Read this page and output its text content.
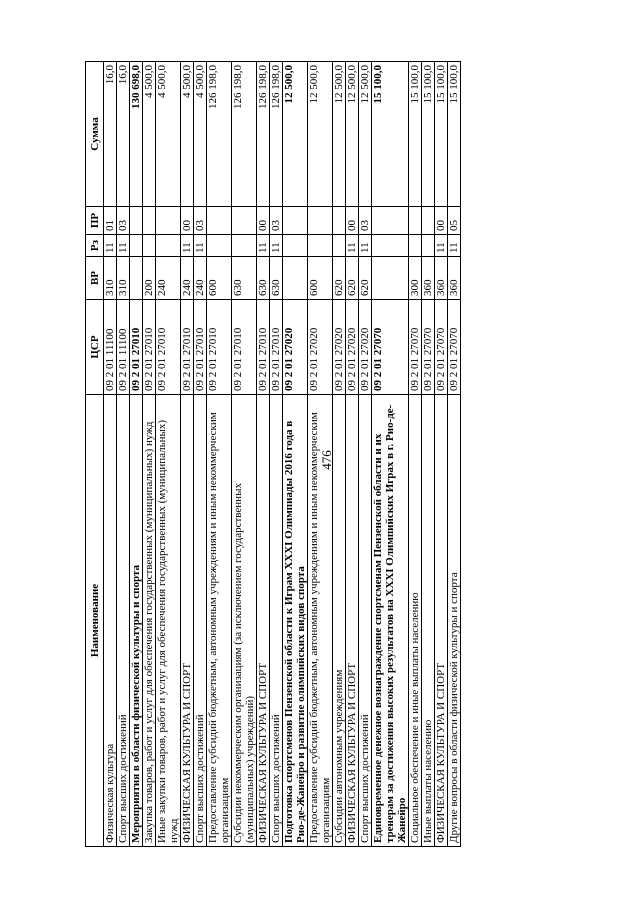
476
Наименование	ЦСР	ВР	Рз	ПР	Сумма
Физическая культура	09 2 01 11100	310	11	01	16,0
Спорт высших достижений	09 2 01 11100	310	11	03	16,0
Мероприятия в области физической культуры и спорта	09 2 01 27010				130 698,0
Закупка товаров, работ и услуг для обеспечения государственных (муниципальных) нужд	09 2 01 27010	200			4 500,0
Иные закупки товаров, работ и услуг для обеспечения государственных (муниципальных) нужд	09 2 01 27010	240			4 500,0
ФИЗИЧЕСКАЯ КУЛЬТУРА И СПОРТ	09 2 01 27010	240	11	00	4 500,0
Спорт высших достижений	09 2 01 27010	240	11	03	4 500,0
Предоставление субсидий бюджетным, автономным учреждениям и иным некоммерческим организациям	09 2 01 27010	600			126 198,0
Субсидии некоммерческим организациям (за исключением государственных (муниципальных) учреждений)	09 2 01 27010	630			126 198,0
ФИЗИЧЕСКАЯ КУЛЬТУРА И СПОРТ	09 2 01 27010	630	11	00	126 198,0
Спорт высших достижений	09 2 01 27010	630	11	03	126 198,0
Подготовка спортсменов Пензенской области к Играм XXXI Олимпиады 2016 года в Рио-де-Жанейро и развитие олимпийских видов спорта	09 2 01 27020				12 500,0
Предоставление субсидий бюджетным, автономным учреждениям и иным некоммерческим организациям	09 2 01 27020	600			12 500,0
Субсидии автономным учреждениям	09 2 01 27020	620			12 500,0
ФИЗИЧЕСКАЯ КУЛЬТУРА И СПОРТ	09 2 01 27020	620	11	00	12 500,0
Спорт высших достижений	09 2 01 27020	620	11	03	12 500,0
Единовременное денежное вознаграждение спортсменам Пензенской области и их тренерам за достижения высоких результатов на XXXI Олимпийских Играх в г. Рио-де-Жанейро	09 2 01 27070				15 100,0
Социальное обеспечение и иные выплаты населению	09 2 01 27070	300			15 100,0
Иные выплаты населению	09 2 01 27070	360			15 100,0
ФИЗИЧЕСКАЯ КУЛЬТУРА И СПОРТ	09 2 01 27070	360	11	00	15 100,0
Другие вопросы в области физической культуры и спорта	09 2 01 27070	360	11	05	15 100,0
